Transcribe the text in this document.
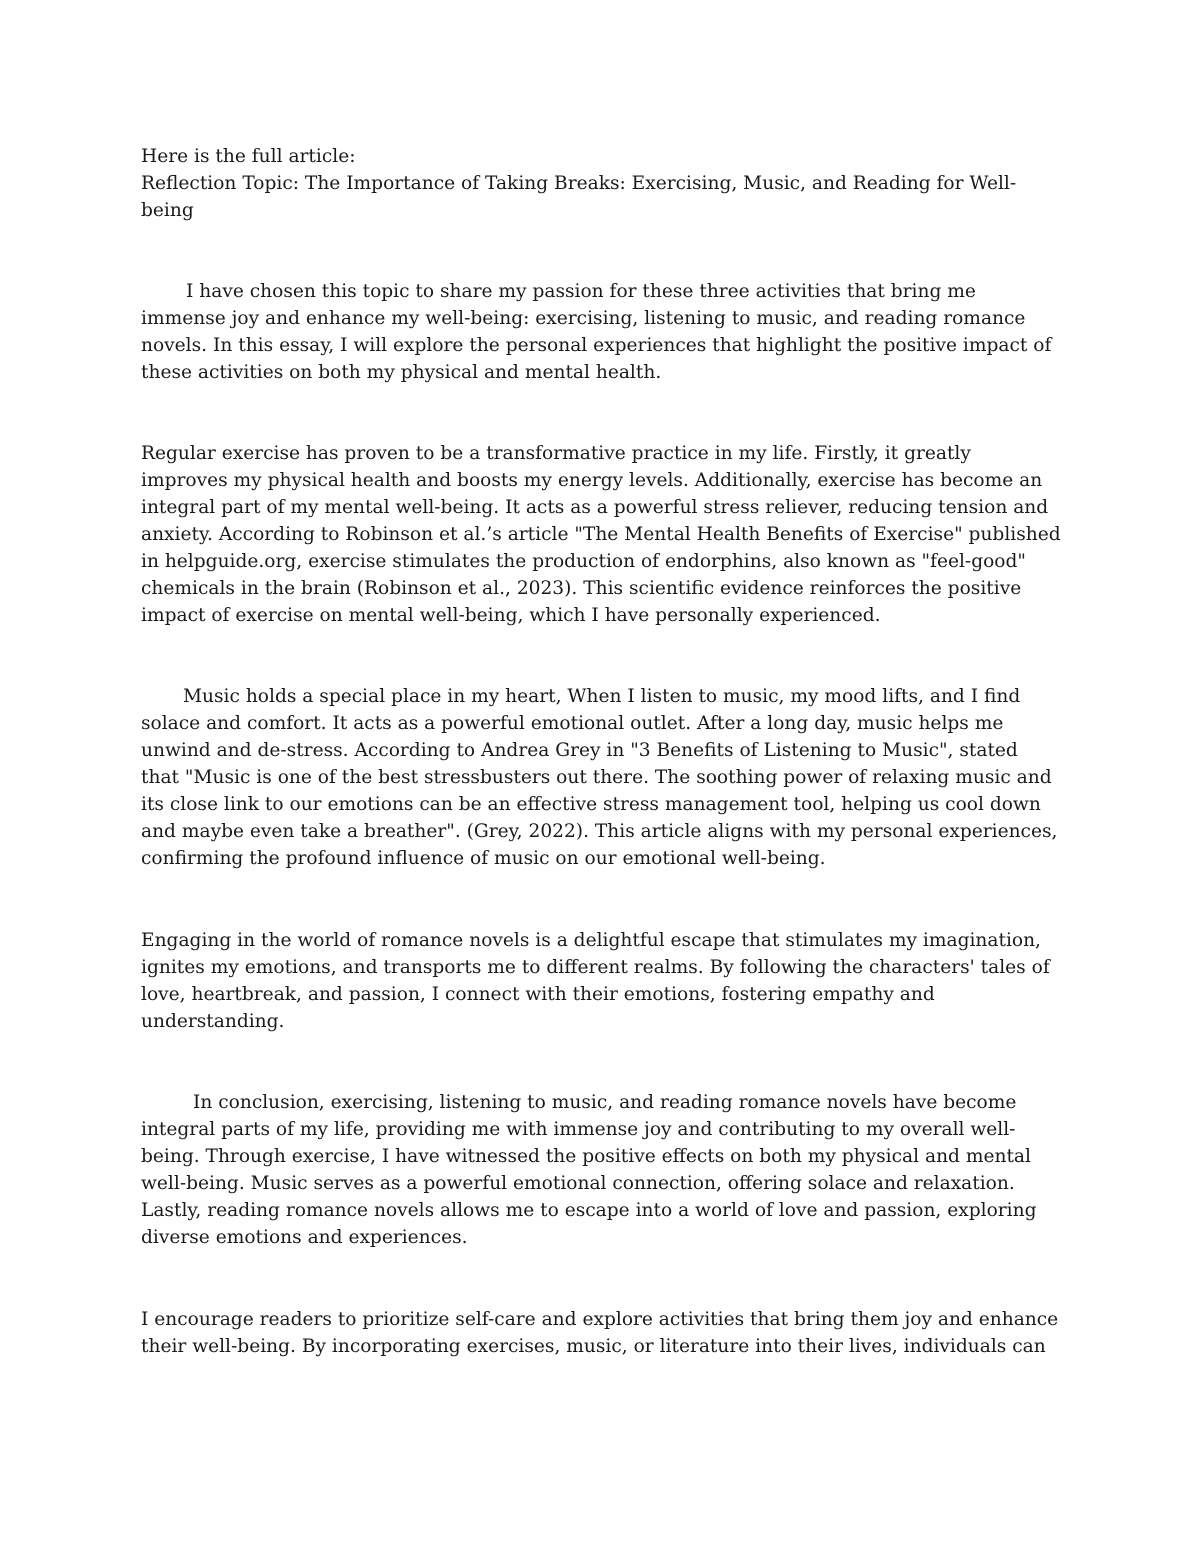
Here is the full article:

Reflection Topic: The Importance of Taking Breaks: Exercising, Music, and Reading for Well-being

I have chosen this topic to share my passion for these three activities that bring me immense joy and enhance my well-being: exercising, listening to music, and reading romance novels. In this essay, I will explore the personal experiences that highlight the positive impact of these activities on both my physical and mental health.

Regular exercise has proven to be a transformative practice in my life. Firstly, it greatly improves my physical health and boosts my energy levels. Additionally, exercise has become an integral part of my mental well-being. It acts as a powerful stress reliever, reducing tension and anxiety. According to Robinson et al.’s article "The Mental Health Benefits of Exercise" published in helpguide.org, exercise stimulates the production of endorphins, also known as "feel-good" chemicals in the brain (Robinson et al., 2023). This scientific evidence reinforces the positive impact of exercise on mental well-being, which I have personally experienced.

Music holds a special place in my heart, When I listen to music, my mood lifts, and I find solace and comfort. It acts as a powerful emotional outlet. After a long day, music helps me unwind and de-stress. According to Andrea Grey in "3 Benefits of Listening to Music", stated that "Music is one of the best stressbusters out there. The soothing power of relaxing music and its close link to our emotions can be an effective stress management tool, helping us cool down and maybe even take a breather". (Grey, 2022). This article aligns with my personal experiences, confirming the profound influence of music on our emotional well-being.

Engaging in the world of romance novels is a delightful escape that stimulates my imagination, ignites my emotions, and transports me to different realms. By following the characters' tales of love, heartbreak, and passion, I connect with their emotions, fostering empathy and understanding.

In conclusion, exercising, listening to music, and reading romance novels have become integral parts of my life, providing me with immense joy and contributing to my overall well-being. Through exercise, I have witnessed the positive effects on both my physical and mental well-being. Music serves as a powerful emotional connection, offering solace and relaxation. Lastly, reading romance novels allows me to escape into a world of love and passion, exploring diverse emotions and experiences.

I encourage readers to prioritize self-care and explore activities that bring them joy and enhance their well-being. By incorporating exercises, music, or literature into their lives, individuals can
